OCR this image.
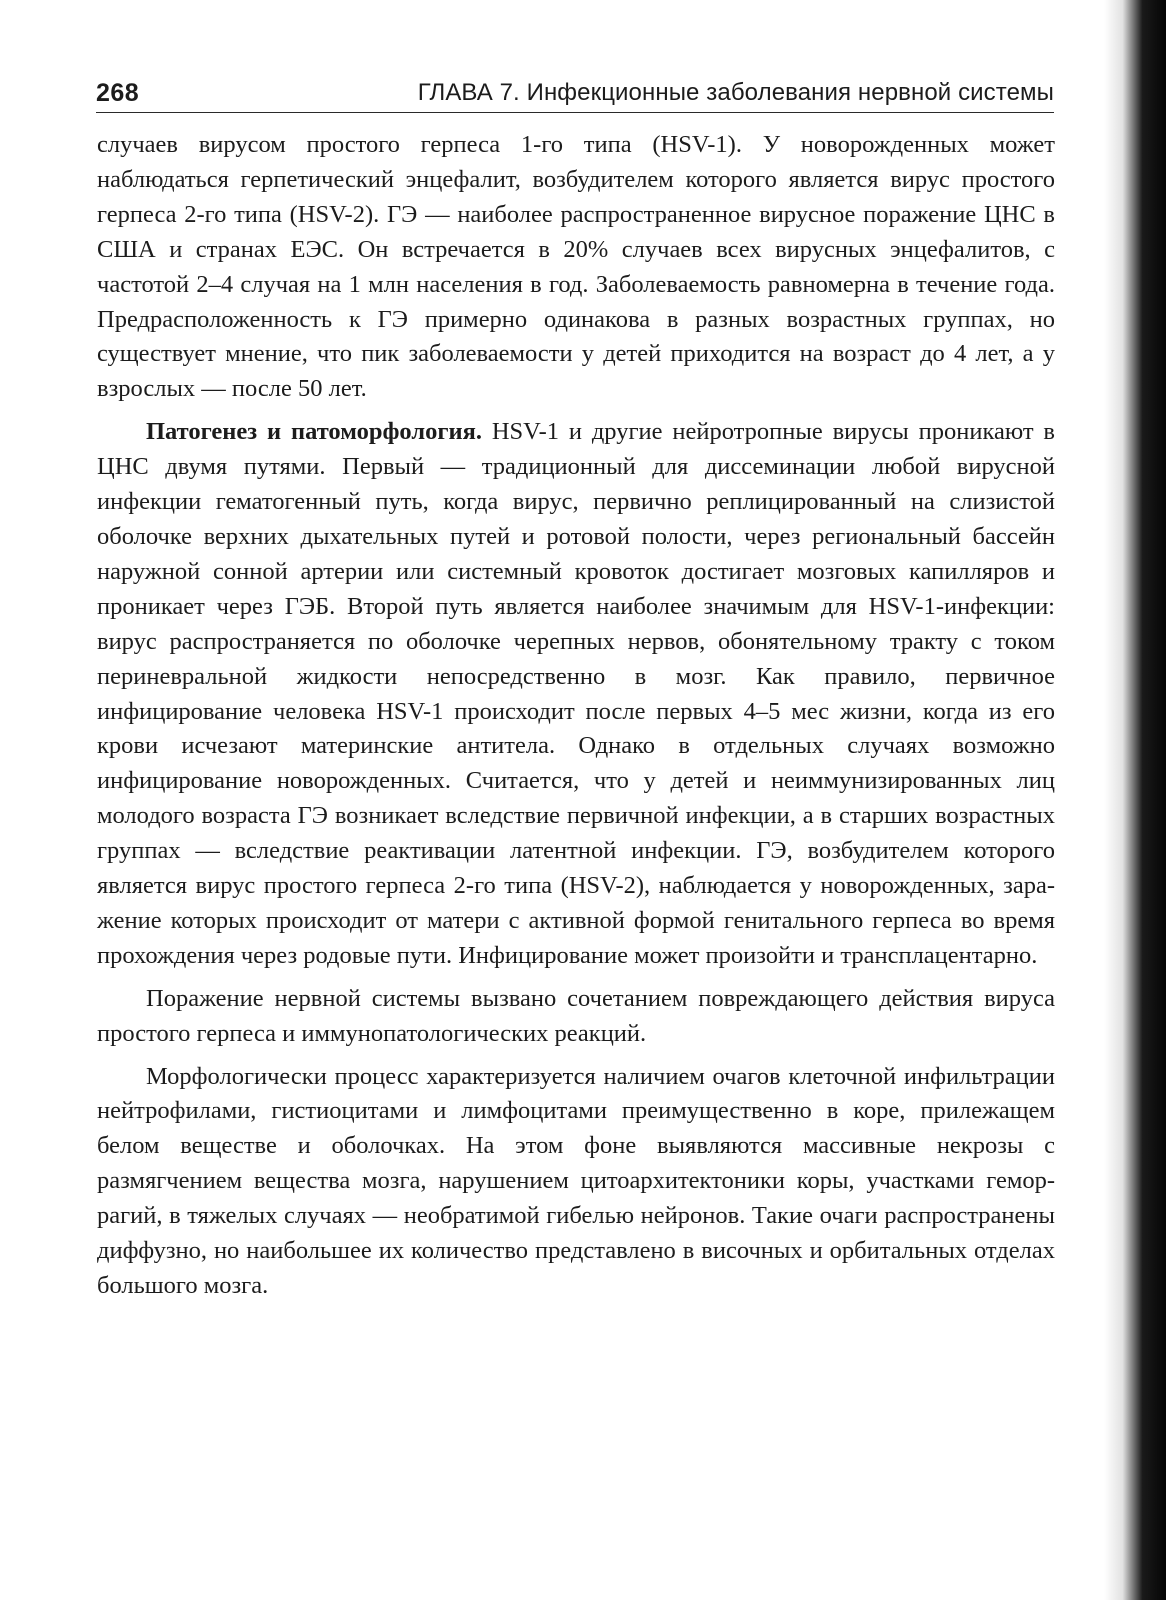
268	ГЛАВА 7. Инфекционные заболевания нервной системы

случаев вирусом простого герпеса 1-го типа (HSV-1). У новорожденных может наблюдаться герпетический энцефалит, возбудителем которого является вирус простого герпеса 2-го типа (HSV-2). ГЭ — наиболее распространенное вирусное поражение ЦНС в США и странах ЕЭС. Он встречается в 20% случаев всех вирусных энцефалитов, с частотой 2–4 случая на 1 млн населения в год. Заболеваемость равномерна в течение года. Предрасположенность к ГЭ примерно одинакова в разных возрастных группах, но существует мнение, что пик заболеваемости у детей приходится на возраст до 4 лет, а у взрослых — после 50 лет.

Патогенез и патоморфология. HSV-1 и другие нейротропные вирусы проникают в ЦНС двумя путями. Первый — традиционный для диссеминации любой вирусной инфекции гематогенный путь, когда вирус, первично реплицированный на слизистой оболочке верхних дыхательных путей и ротовой полости, через региональный бассейн наружной сонной артерии или системный кровоток достигает мозговых капилляров и проникает через ГЭБ. Второй путь является наиболее значимым для HSV-1-инфекции: вирус распространяется по оболочке черепных нервов, обонятельному тракту с током периневральной жидкости непосредственно в мозг. Как правило, первичное инфицирование человека HSV-1 происходит после первых 4–5 мес жизни, когда из его крови исчезают материнские антитела. Однако в отдельных случаях возможно инфицирование новорожденных. Считается, что у детей и неиммунизированных лиц молодого возраста ГЭ возникает вследствие первичной инфекции, а в старших возрастных группах — вследствие реактивации латентной инфекции. ГЭ, возбудителем которого является вирус простого герпеса 2-го типа (HSV-2), наблюдается у новорожденных, заражение которых происходит от матери с активной формой генитального герпеса во время прохождения через родовые пути. Инфицирование может произойти и трансплацентарно.

Поражение нервной системы вызвано сочетанием повреждающего действия вируса простого герпеса и иммунопатологических реакций.

Морфологически процесс характеризуется наличием очагов клеточной инфильтрации нейтрофилами, гистиоцитами и лимфоцитами преимущественно в коре, прилежащем белом веществе и оболочках. На этом фоне выявляются массивные некрозы с размягчением вещества мозга, нарушением цитоархитектоники коры, участками геморрагий, в тяжелых случаях — необратимой гибелью нейронов. Такие очаги распространены диффузно, но наибольшее их количество представлено в височных и орбитальных отделах большого мозга.
